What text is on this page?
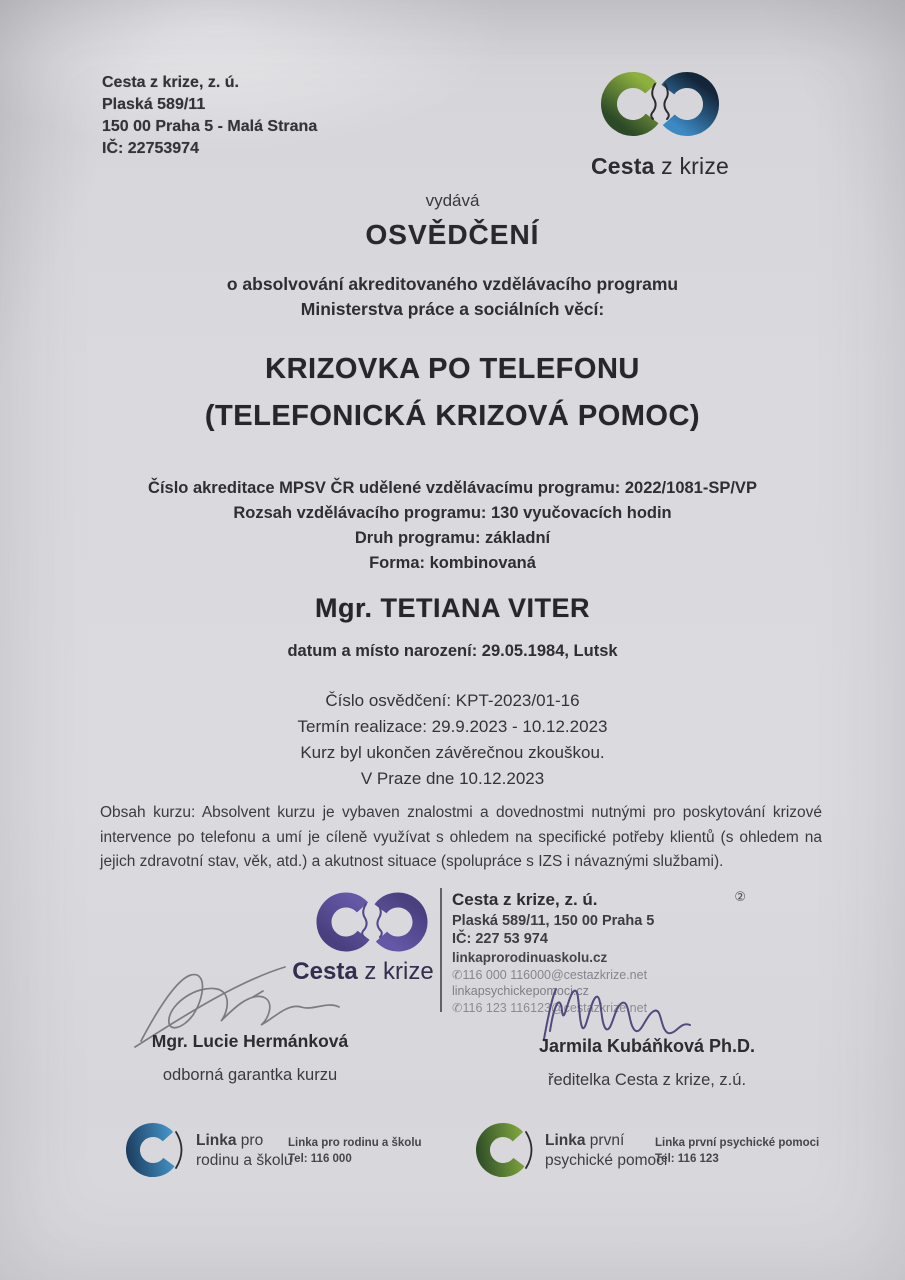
Cesta z krize, z. ú.
Plaská 589/11
150 00 Praha 5 - Malá Strana
IČ: 22753974
Cesta z krize
vydává
OSVĚDČENÍ
o absolvování akreditovaného vzdělávacího programu
Ministerstva práce a sociálních věcí:
KRIZOVKA PO TELEFONU
(TELEFONICKÁ KRIZOVÁ POMOC)
Číslo akreditace MPSV ČR udělené vzdělávacímu programu: 2022/1081-SP/VP
Rozsah vzdělávacího programu: 130 vyučovacích hodin
Druh programu: základní
Forma: kombinovaná
Mgr. TETIANA VITER
datum a místo narození: 29.05.1984, Lutsk
Číslo osvědčení: KPT-2023/01-16
Termín realizace: 29.9.2023 - 10.12.2023
Kurz byl ukončen závěrečnou zkouškou.
V Praze dne 10.12.2023
Obsah kurzu: Absolvent kurzu je vybaven znalostmi a dovednostmi nutnými pro poskytování krizové intervence po telefonu a umí je cíleně využívat s ohledem na specifické potřeby klientů (s ohledem na jejich zdravotní stav, věk, atd.) a akutnost situace (spolupráce s IZS i návaznými službami).
Cesta z krize
Cesta z krize, z. ú.	②
Plaská 589/11, 150 00 Praha 5
IČ: 227 53 974
linkaprorodinuaskolu.cz
✆116 000 116000@cestazkrize.net
linkapsychickepomoci.cz
✆116 123 116123@cestazkrize.net
Mgr. Lucie Hermánková
odborná garantka kurzu
Jarmila Kubáňková Ph.D.
ředitelka Cesta z krize, z.ú.
Linka pro
rodinu a školu
Linka pro rodinu a školu
Tel: 116 000
Linka první
psychické pomoci
Linka první psychické pomoci
Tel: 116 123
